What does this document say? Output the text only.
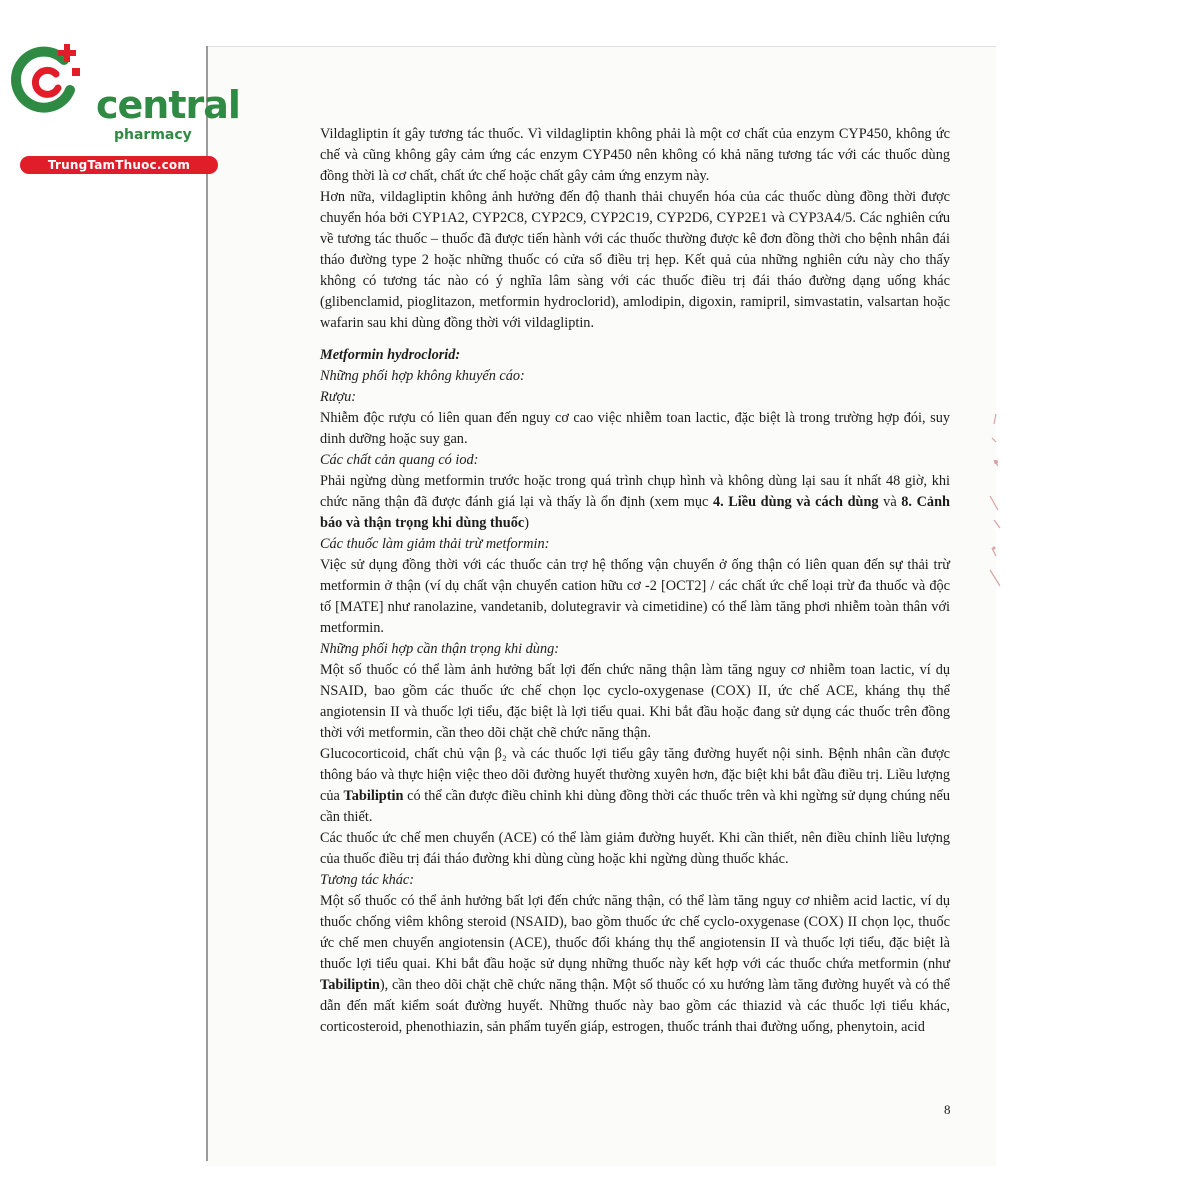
central
pharmacy
TrungTamThuoc.com

Vildagliptin ít gây tương tác thuốc. Vì vildagliptin không phải là một cơ chất của enzym CYP450, không ức chế và cũng không gây cảm ứng các enzym CYP450 nên không có khả năng tương tác với các thuốc dùng đồng thời là cơ chất, chất ức chế hoặc chất gây cảm ứng enzym này.

Hơn nữa, vildagliptin không ảnh hưởng đến độ thanh thải chuyển hóa của các thuốc dùng đồng thời được chuyển hóa bởi CYP1A2, CYP2C8, CYP2C9, CYP2C19, CYP2D6, CYP2E1 và CYP3A4/5. Các nghiên cứu về tương tác thuốc – thuốc đã được tiến hành với các thuốc thường được kê đơn đồng thời cho bệnh nhân đái tháo đường type 2 hoặc những thuốc có cửa sổ điều trị hẹp. Kết quả của những nghiên cứu này cho thấy không có tương tác nào có ý nghĩa lâm sàng với các thuốc điều trị đái tháo đường dạng uống khác (glibenclamid, pioglitazon, metformin hydroclorid), amlodipin, digoxin, ramipril, simvastatin, valsartan hoặc wafarin sau khi dùng đồng thời với vildagliptin.

Metformin hydroclorid:

Những phối hợp không khuyến cáo:

Rượu:

Nhiễm độc rượu có liên quan đến nguy cơ cao việc nhiễm toan lactic, đặc biệt là trong trường hợp đói, suy dinh dưỡng hoặc suy gan.

Các chất cản quang có iod:

Phải ngừng dùng metformin trước hoặc trong quá trình chụp hình và không dùng lại sau ít nhất 48 giờ, khi chức năng thận đã được đánh giá lại và thấy là ổn định (xem mục 4. Liều dùng và cách dùng và 8. Cảnh báo và thận trọng khi dùng thuốc)

Các thuốc làm giảm thải trừ metformin:

Việc sử dụng đồng thời với các thuốc cản trợ hệ thống vận chuyển ở ống thận có liên quan đến sự thải trừ metformin ở thận (ví dụ chất vận chuyển cation hữu cơ -2 [OCT2] / các chất ức chế loại trừ đa thuốc và độc tố [MATE] như ranolazine, vandetanib, dolutegravir và cimetidine) có thể làm tăng phơi nhiễm toàn thân với metformin.

Những phối hợp cần thận trọng khi dùng:

Một số thuốc có thể làm ảnh hưởng bất lợi đến chức năng thận làm tăng nguy cơ nhiễm toan lactic, ví dụ NSAID, bao gồm các thuốc ức chế chọn lọc cyclo-oxygenase (COX) II, ức chế ACE, kháng thụ thể angiotensin II và thuốc lợi tiểu, đặc biệt là lợi tiểu quai. Khi bắt đầu hoặc đang sử dụng các thuốc trên đồng thời với metformin, cần theo dõi chặt chẽ chức năng thận.

Glucocorticoid, chất chủ vận β₂ và các thuốc lợi tiểu gây tăng đường huyết nội sinh. Bệnh nhân cần được thông báo và thực hiện việc theo dõi đường huyết thường xuyên hơn, đặc biệt khi bắt đầu điều trị. Liều lượng của Tabiliptin có thể cần được điều chỉnh khi dùng đồng thời các thuốc trên và khi ngừng sử dụng chúng nếu cần thiết.

Các thuốc ức chế men chuyển (ACE) có thể làm giảm đường huyết. Khi cần thiết, nên điều chỉnh liều lượng của thuốc điều trị đái tháo đường khi dùng cùng hoặc khi ngừng dùng thuốc khác.

Tương tác khác:

Một số thuốc có thể ảnh hưởng bất lợi đến chức năng thận, có thể làm tăng nguy cơ nhiễm acid lactic, ví dụ thuốc chống viêm không steroid (NSAID), bao gồm thuốc ức chế cyclo-oxygenase (COX) II chọn lọc, thuốc ức chế men chuyển angiotensin (ACE), thuốc đối kháng thụ thể angiotensin II và thuốc lợi tiểu, đặc biệt là thuốc lợi tiểu quai. Khi bắt đầu hoặc sử dụng những thuốc này kết hợp với các thuốc chứa metformin (như Tabiliptin), cần theo dõi chặt chẽ chức năng thận. Một số thuốc có xu hướng làm tăng đường huyết và có thể dẫn đến mất kiểm soát đường huyết. Những thuốc này bao gồm các thiazid và các thuốc lợi tiểu khác, corticosteroid, phenothiazin, sản phẩm tuyến giáp, estrogen, thuốc tránh thai đường uống, phenytoin, acid

8
